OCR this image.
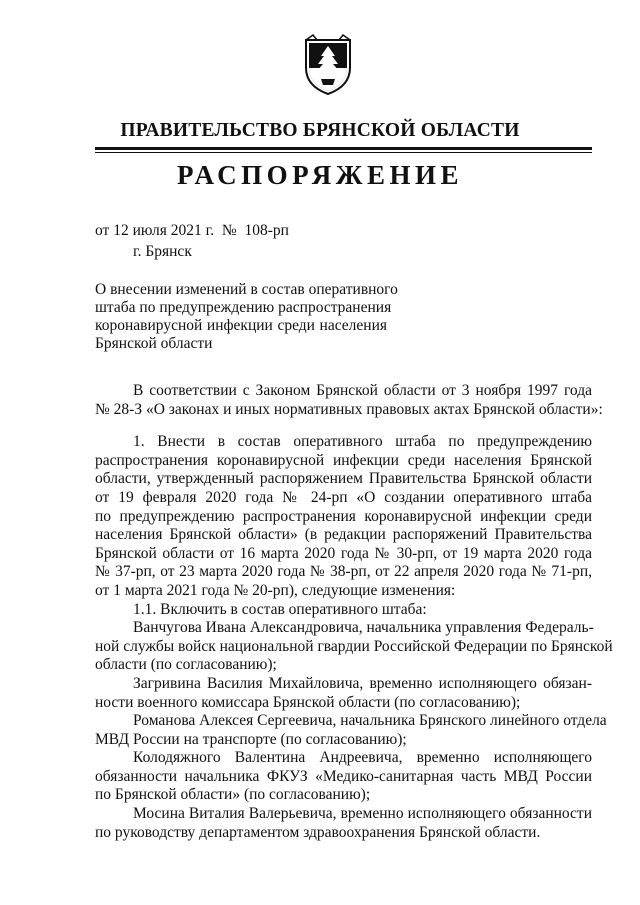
ПРАВИТЕЛЬСТВО БРЯНСКОЙ ОБЛАСТИ
РАСПОРЯЖЕНИЕ
от 12 июля 2021 г.  №  108-рп
г. Брянск
О внесении изменений в состав оперативного
штаба по предупреждению распространения
коронавирусной инфекции среди населения
Брянской области
В соответствии с Законом Брянской области от 3 ноября 1997 года
№ 28-З «О законах и иных нормативных правовых актах Брянской области»:
1. Внести в состав оперативного штаба по предупреждению
распространения коронавирусной инфекции среди населения Брянской
области, утвержденный распоряжением Правительства Брянской области
от 19 февраля 2020 года № 24-рп «О создании оперативного штаба
по предупреждению распространения коронавирусной инфекции среди
населения Брянской области» (в редакции распоряжений Правительства
Брянской области от 16 марта 2020 года № 30-рп, от 19 марта 2020 года
№ 37-рп, от 23 марта 2020 года № 38-рп, от 22 апреля 2020 года № 71-рп,
от 1 марта 2021 года № 20-рп), следующие изменения:
1.1. Включить в состав оперативного штаба:
Ванчугова Ивана Александровича, начальника управления Федераль-
ной службы войск национальной гвардии Российской Федерации по Брянской
области (по согласованию);
Загривина Василия Михайловича, временно исполняющего обязан-
ности военного комиссара Брянской области (по согласованию);
Романова Алексея Сергеевича, начальника Брянского линейного отдела
МВД России на транспорте (по согласованию);
Колодяжного Валентина Андреевича, временно исполняющего
обязанности начальника ФКУЗ «Медико-санитарная часть МВД России
по Брянской области» (по согласованию);
Мосина Виталия Валерьевича, временно исполняющего обязанности
по руководству департаментом здравоохранения Брянской области.
